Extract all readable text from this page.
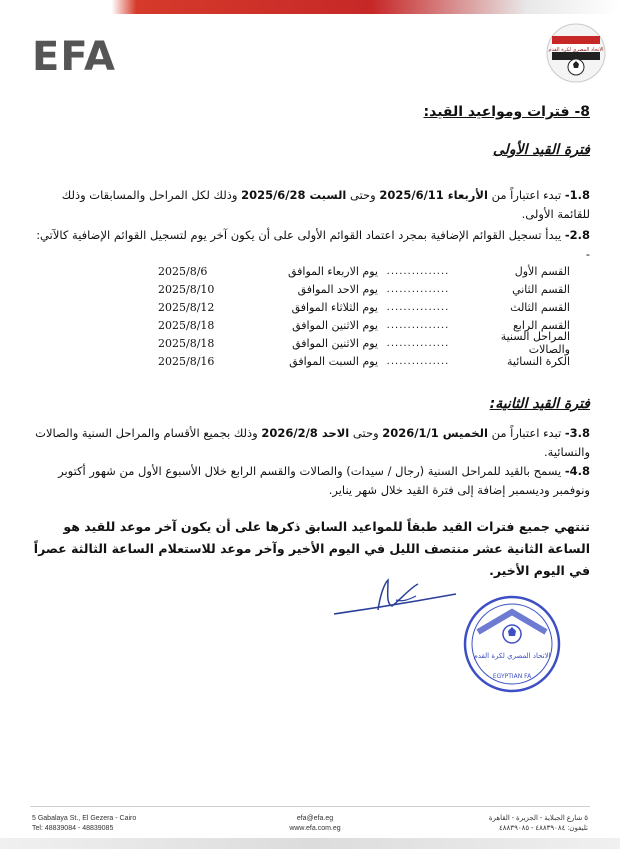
EFA	الاتحاد المصري لكرة القدم
8- فترات ومواعيد القيد:
فترة القيد الأولى
1.8- تبدء اعتباراً من الأربعاء 2025/6/11 وحتى السبت 2025/6/28 وذلك لكل المراحل والمسابقات وذلك للقائمة الأولى.
2.8- يبدأ تسجيل القوائم الإضافية بمجرد اعتماد القوائم الأولى على أن يكون آخر يوم لتسجيل القوائم الإضافية كالآتي: -
القسم الأول
...............
يوم الاربعاء الموافق
2025/8/6
القسم الثاني
...............
يوم الاحد الموافق
2025/8/10
القسم الثالث
...............
يوم الثلاثاء الموافق
2025/8/12
القسم الرابع
...............
يوم الاثنين الموافق
2025/8/18
المراحل السنية والصالات
...............
يوم الاثنين الموافق
2025/8/18
الكرة النسائية
...............
يوم السبت الموافق
2025/8/16
فترة القيد الثانية:
3.8- تبدء اعتباراً من الخميس 2026/1/1 وحتى الاحد 2026/2/8 وذلك بجميع الأقسام والمراحل السنية والصالات والنسائية.
4.8- يسمح بالقيد للمراحل السنية (رجال / سيدات) والصالات والقسم الرابع خلال الأسبوع الأول من شهور أكتوبر ونوفمبر وديسمبر إضافة إلى فترة القيد خلال شهر يناير.
تنتهي جميع فترات القيد طبقاً للمواعيد السابق ذكرها على أن يكون آخر موعد للقيد هو الساعة الثانية عشر منتصف الليل في اليوم الأخير وآخر موعد للاستعلام الساعة الثالثة عصراً في اليوم الأخير.
الاتحاد المصري لكرة القدم
EGYPTIAN FA
5 Gabalaya St., El Gezera - Cairo
Tel: 48839084 - 48839085
efa@efa.eg
www.efa.com.eg
٥ شارع الجبلاية - الجزيرة - القاهرة
تليفون: ٤٨٨٣٩٠٨٤ - ٤٨٨٣٩٠٨٥
